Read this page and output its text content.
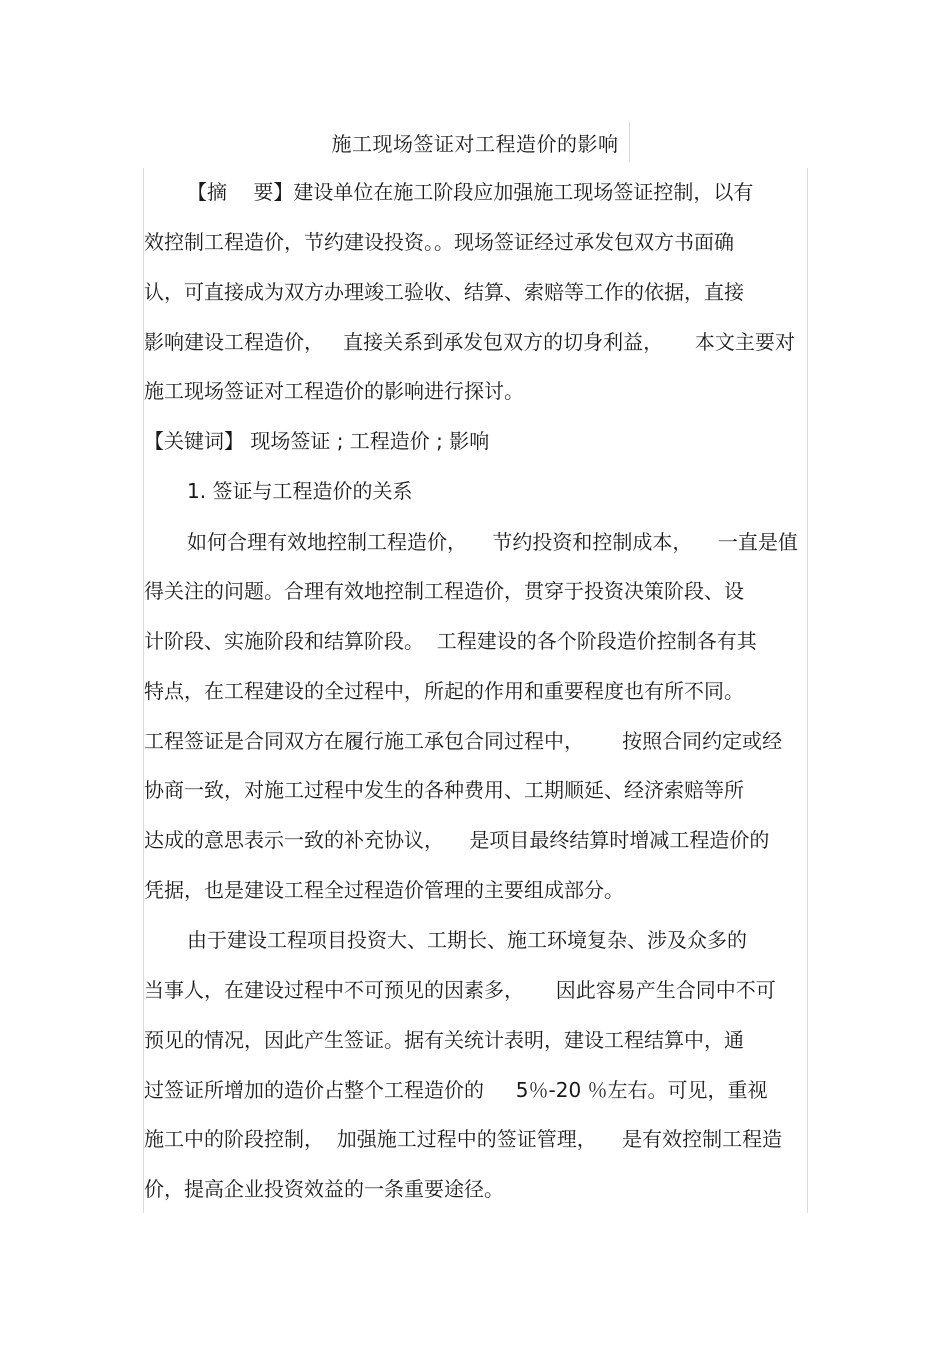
施工现场签证对工程造价的影响
【摘　 要】建设单位在施工阶段应加强施工现场签证控制，以有
效控制工程造价，节约建设投资。。现场签证经过承发包双方书面确
认，可直接成为双方办理竣工验收、结算、索赔等工作的依据，直接
影响建设工程造价，   直接关系到承发包双方的切身利益，     本文主要对
施工现场签证对工程造价的影响进行探讨。
【关键词】 现场签证 ; 工程造价 ; 影响
1. 签证与工程造价的关系
如何合理有效地控制工程造价，    节约投资和控制成本，    一直是值
得关注的问题。合理有效地控制工程造价，贯穿于投资决策阶段、设
计阶段、实施阶段和结算阶段。  工程建设的各个阶段造价控制各有其
特点，在工程建设的全过程中，所起的作用和重要程度也有所不同。
工程签证是合同双方在履行施工承包合同过程中，      按照合同约定或经
协商一致，对施工过程中发生的各种费用、工期顺延、经济索赔等所
达成的意思表示一致的补充协议，    是项目最终结算时增减工程造价的
凭据，也是建设工程全过程造价管理的主要组成部分。
由于建设工程项目投资大、工期长、施工环境复杂、涉及众多的
当事人，在建设过程中不可预见的因素多，     因此容易产生合同中不可
预见的情况，因此产生签证。据有关统计表明，建设工程结算中，通
过签证所增加的造价占整个工程造价的     5％-20 ％左右。可见，重视
施工中的阶段控制，  加强施工过程中的签证管理，    是有效控制工程造
价，提高企业投资效益的一条重要途径。
